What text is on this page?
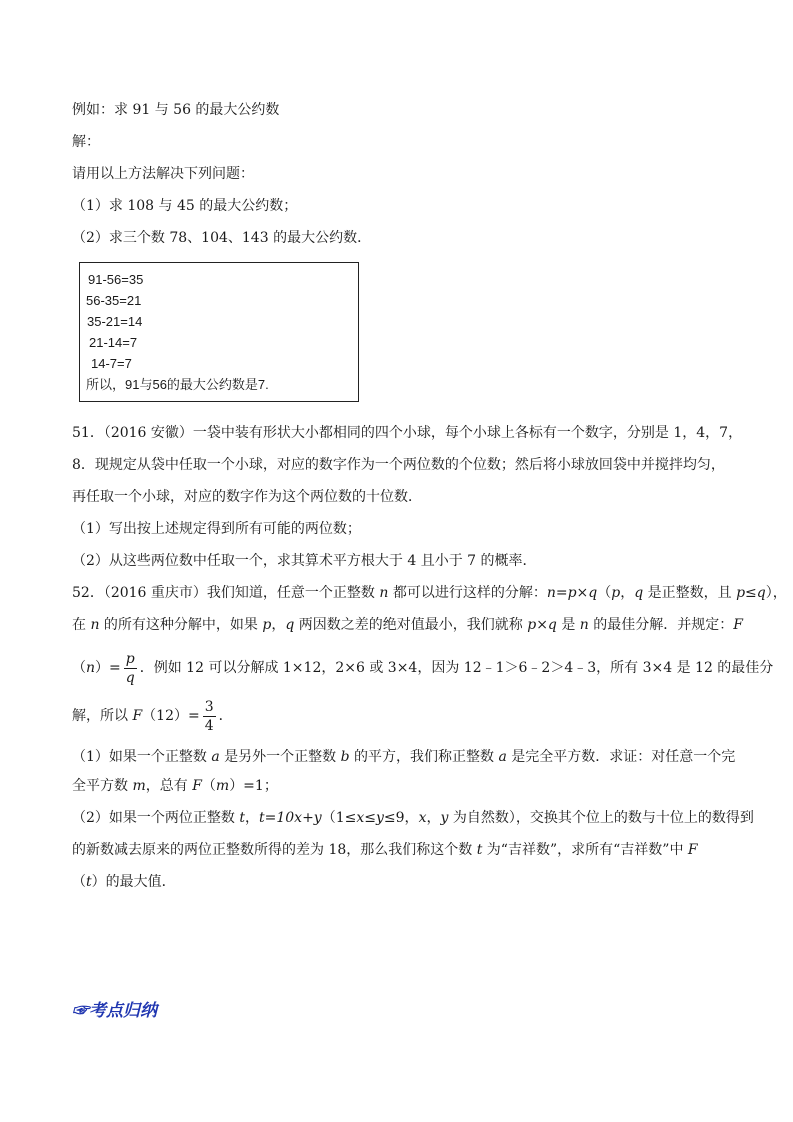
例如：求 91 与 56 的最大公约数
解：
请用以上方法解决下列问题：
（1）求 108 与 45 的最大公约数；
（2）求三个数 78、104、143 的最大公约数．
91-56=35
56-35=21
35-21=14
21-14=7
14-7=7
所以，91与56的最大公约数是7.
51．（2016 安徽）一袋中装有形状大小都相同的四个小球，每个小球上各标有一个数字，分别是 1，4，7，
8．现规定从袋中任取一个小球，对应的数字作为一个两位数的个位数；然后将小球放回袋中并搅拌均匀，
再任取一个小球，对应的数字作为这个两位数的十位数．
（1）写出按上述规定得到所有可能的两位数；
（2）从这些两位数中任取一个，求其算术平方根大于 4 且小于 7 的概率．
52．（2016 重庆市）我们知道，任意一个正整数 n 都可以进行这样的分解：n=p×q（p，q 是正整数，且 p≤q），
在 n 的所有这种分解中，如果 p，q 两因数之差的绝对值最小，我们就称 p×q 是 n 的最佳分解．并规定：F
$(n)= \frac{p}{q}$ ．例如 12 可以分解成 1×12，2×6 或 3×4，因为 12﹣1＞6﹣2＞4﹣3，所有 3×4 是 12 的最佳分
解，所以 $F(12)= \frac{3}{4}$ ．
（1）如果一个正整数 a 是另外一个正整数 b 的平方，我们称正整数 a 是完全平方数．求证：对任意一个完
全平方数 m，总有 F（m）=1；
（2）如果一个两位正整数 t，t=10x+y（1≤x≤y≤9，x，y 为自然数），交换其个位上的数与十位上的数得到
的新数减去原来的两位正整数所得的差为 18，那么我们称这个数 t 为“吉祥数”，求所有“吉祥数”中 F
（t）的最大值．
☞考点归纳
